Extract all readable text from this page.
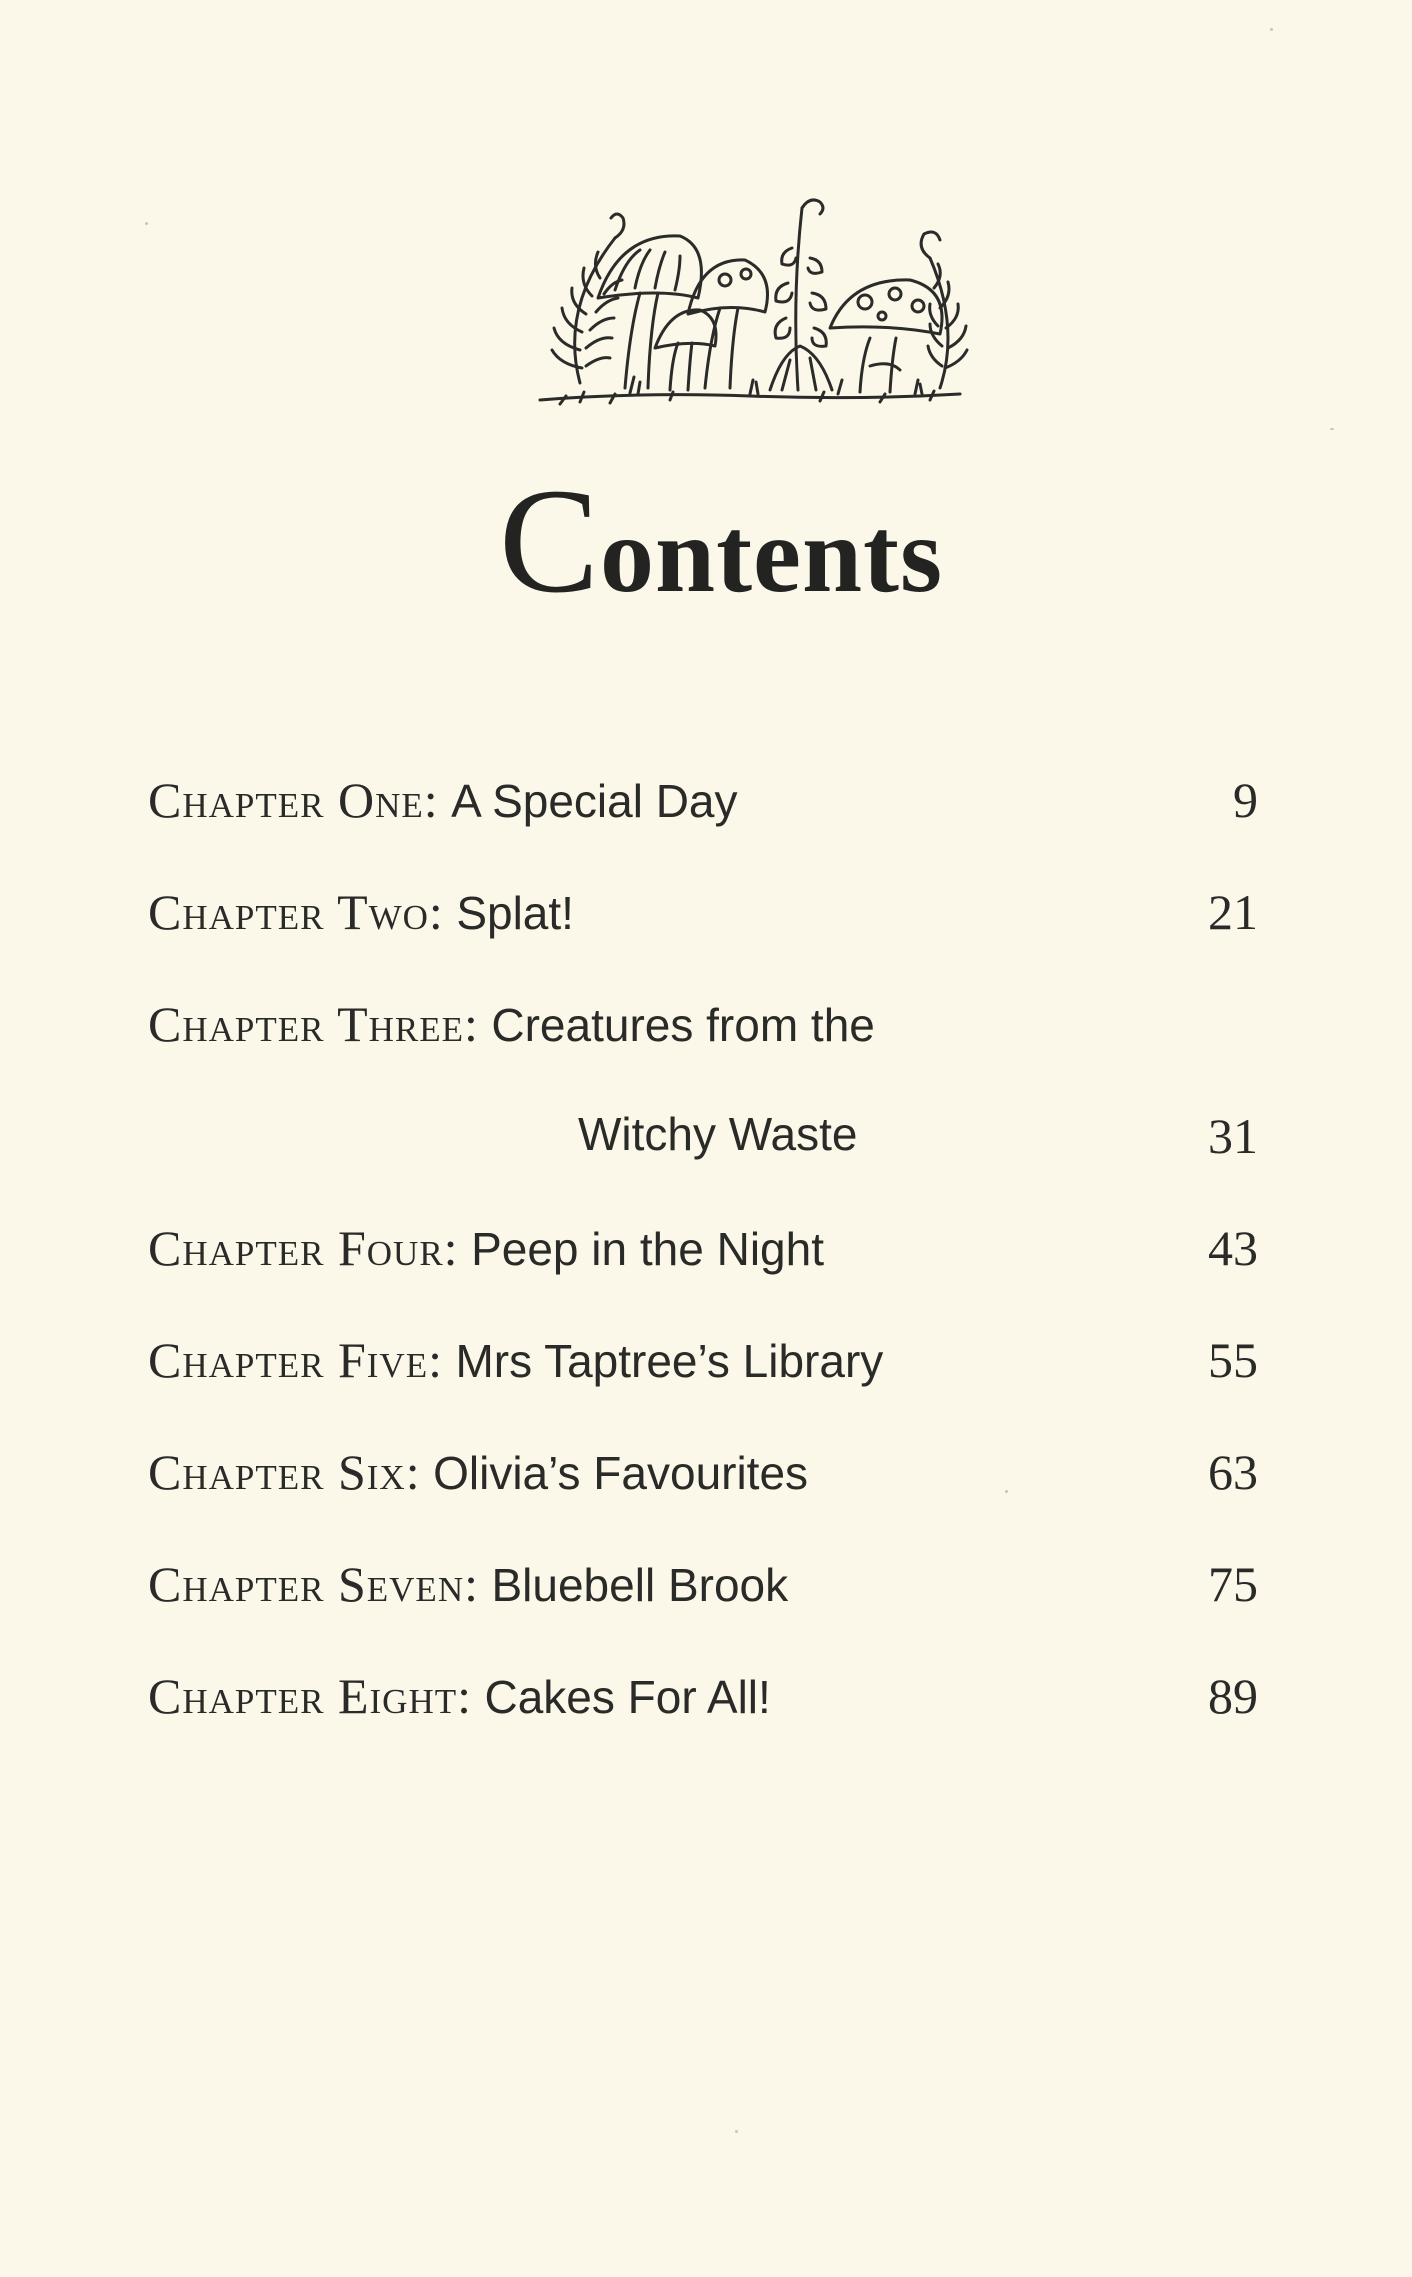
Contents
Chapter One: A Special Day	9
Chapter Two: Splat!	21
Chapter Three: Creatures from the
Witchy Waste	31
Chapter Four: Peep in the Night	43
Chapter Five: Mrs Taptree’s Library	55
Chapter Six: Olivia’s Favourites	63
Chapter Seven: Bluebell Brook	75
Chapter Eight: Cakes For All!	89
